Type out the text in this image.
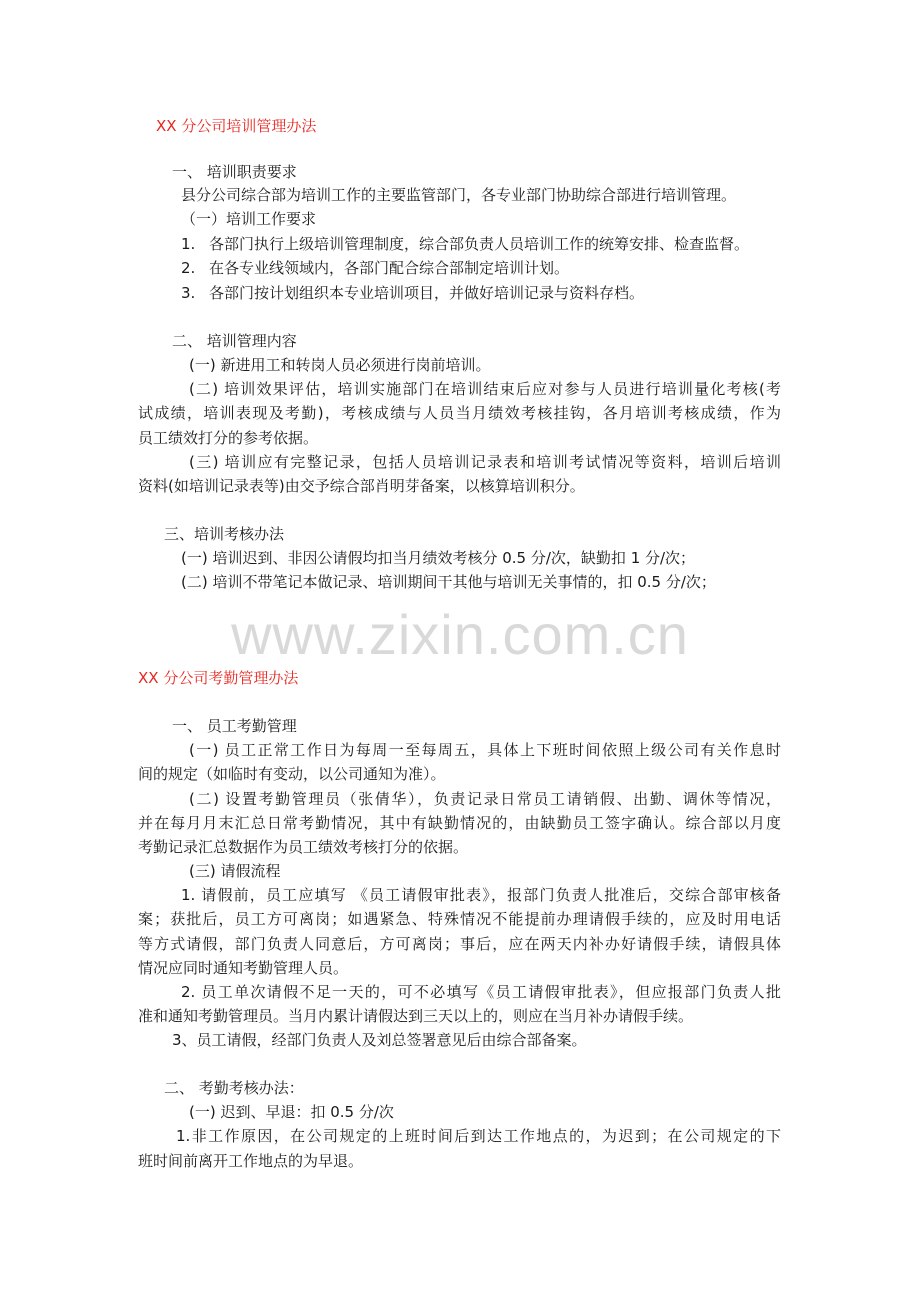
XX 分公司培训管理办法
一、 培训职责要求
县分公司综合部为培训工作的主要监管部门，各专业部门协助综合部进行培训管理。
（一）培训工作要求
1. 各部门执行上级培训管理制度，综合部负责人员培训工作的统筹安排、检查监督。
2. 在各专业线领域内，各部门配合综合部制定培训计划。
3. 各部门按计划组织本专业培训项目，并做好培训记录与资料存档。
二、 培训管理内容
(一) 新进用工和转岗人员必须进行岗前培训。
(二) 培训效果评估，培训实施部门在培训结束后应对参与人员进行培训量化考核(考
试成绩，培训表现及考勤)，考核成绩与人员当月绩效考核挂钩，各月培训考核成绩，作为
员工绩效打分的参考依据。
(三) 培训应有完整记录，包括人员培训记录表和培训考试情况等资料，培训后培训
资料(如培训记录表等)由交予综合部肖明芽备案，以核算培训积分。
三、培训考核办法
(一) 培训迟到、非因公请假均扣当月绩效考核分 0.5 分/次，缺勤扣 1 分/次；
(二) 培训不带笔记本做记录、培训期间干其他与培训无关事情的，扣 0.5 分/次；
www.zixin.com.cn
XX 分公司考勤管理办法
一、 员工考勤管理
(一) 员工正常工作日为每周一至每周五，具体上下班时间依照上级公司有关作息时
间的规定（如临时有变动，以公司通知为准）。
(二) 设置考勤管理员（张倩华），负责记录日常员工请销假、出勤、调休等情况，
并在每月月末汇总日常考勤情况，其中有缺勤情况的，由缺勤员工签字确认。综合部以月度
考勤记录汇总数据作为员工绩效考核打分的依据。
(三) 请假流程
1. 请假前，员工应填写 《员工请假审批表》，报部门负责人批准后，交综合部审核备
案；获批后，员工方可离岗；如遇紧急、特殊情况不能提前办理请假手续的，应及时用电话
等方式请假，部门负责人同意后，方可离岗；事后，应在两天内补办好请假手续，请假具体
情况应同时通知考勤管理人员。
2. 员工单次请假不足一天的，可不必填写《员工请假审批表》，但应报部门负责人批
准和通知考勤管理员。当月内累计请假达到三天以上的，则应在当月补办请假手续。
3、员工请假，经部门负责人及刘总签署意见后由综合部备案。
二、 考勤考核办法：
(一) 迟到、早退：扣 0.5 分/次
1.非工作原因，在公司规定的上班时间后到达工作地点的，为迟到；在公司规定的下
班时间前离开工作地点的为早退。
